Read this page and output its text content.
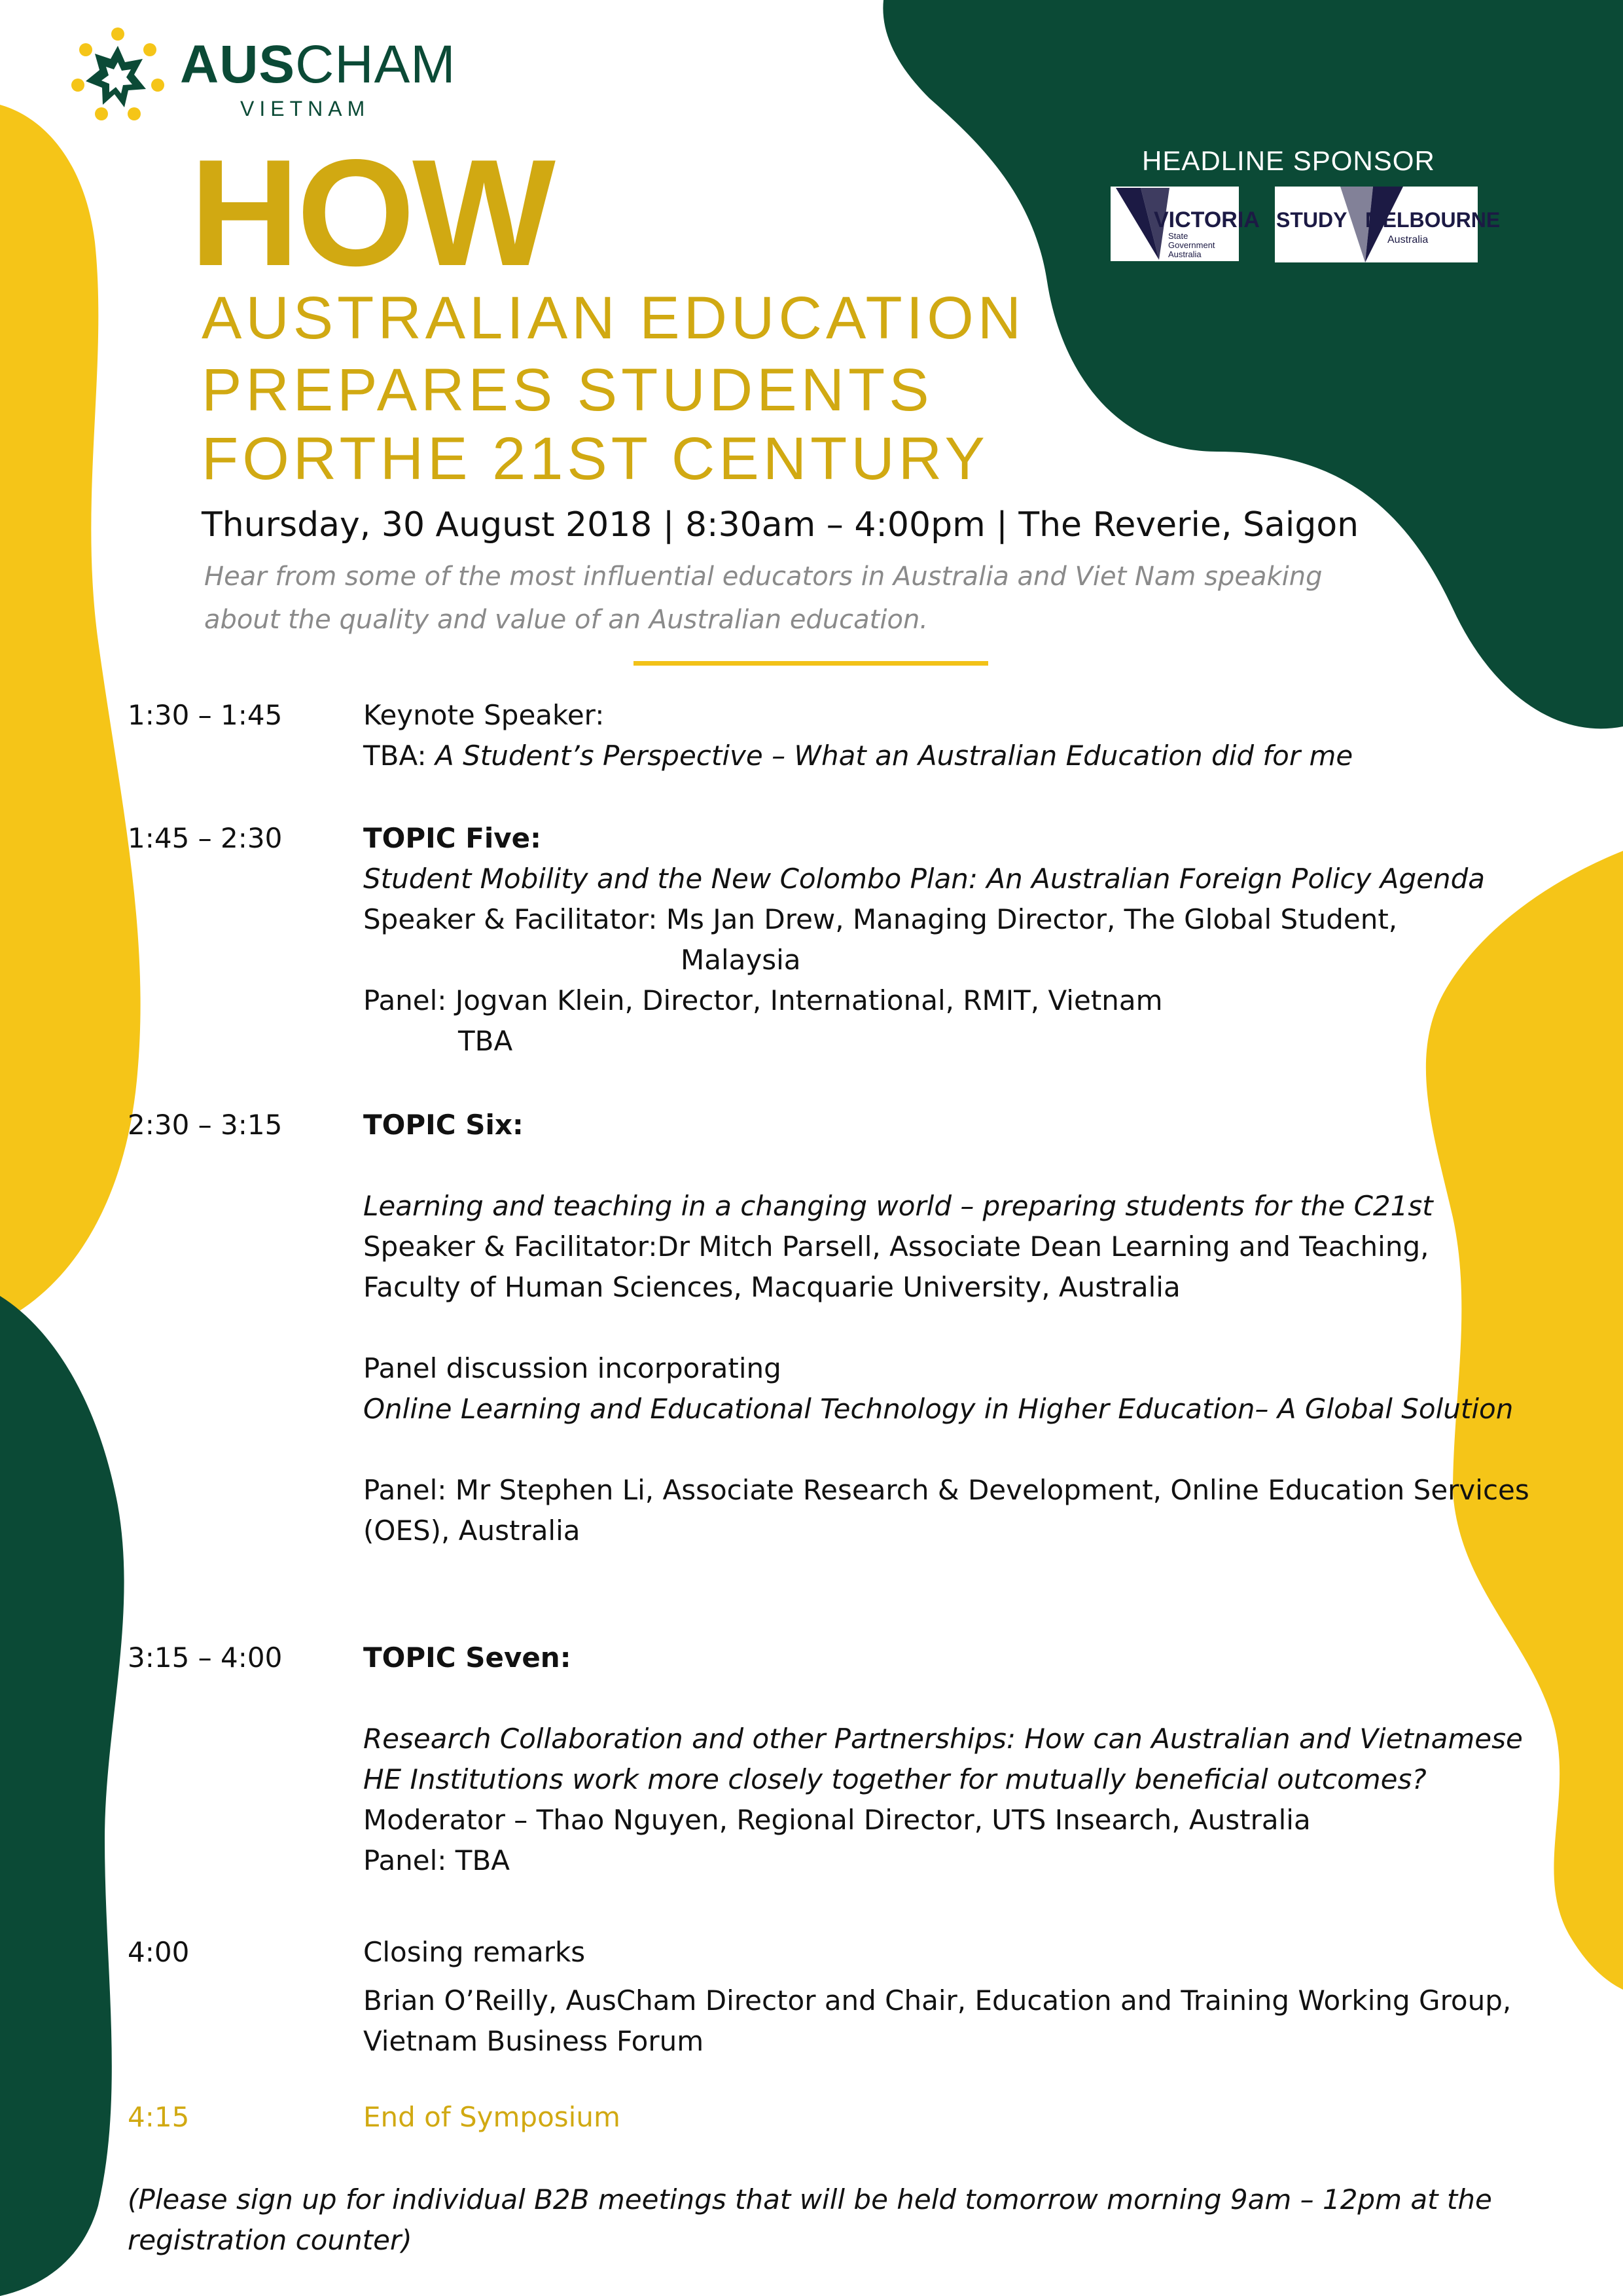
AUSCHAM
VIETNAM
HEADLINE SPONSOR
VICTORIA
State
Government
Australia
STUDY MELBOURNE
Australia
HOW
AUSTRALIAN EDUCATION
PREPARES STUDENTS
FORTHE 21ST CENTURY
Thursday, 30 August 2018 | 8:30am – 4:00pm | The Reverie, Saigon
Hear from some of the most influential educators in Australia and Viet Nam speaking about the quality and value of an Australian education.
1:30 – 1:45	Keynote Speaker:
TBA: A Student’s Perspective – What an Australian Education did for me
1:45 – 2:30	TOPIC Five:
Student Mobility and the New Colombo Plan: An Australian Foreign Policy Agenda
Speaker & Facilitator: Ms Jan Drew, Managing Director, The Global Student,
Malaysia
Panel: Jogvan Klein, Director, International, RMIT, Vietnam
TBA
2:30 – 3:15	TOPIC Six:
Learning and teaching in a changing world – preparing students for the C21st
Speaker & Facilitator:Dr Mitch Parsell, Associate Dean Learning and Teaching,
Faculty of Human Sciences, Macquarie University, Australia
Panel discussion incorporating
Online Learning and Educational Technology in Higher Education– A Global Solution
Panel: Mr Stephen Li, Associate Research & Development, Online Education Services
(OES), Australia
3:15 – 4:00	TOPIC Seven:
Research Collaboration and other Partnerships: How can Australian and Vietnamese
HE Institutions work more closely together for mutually beneficial outcomes?
Moderator – Thao Nguyen, Regional Director, UTS Insearch, Australia
Panel: TBA
4:00	Closing remarks
Brian O’Reilly, AusCham Director and Chair, Education and Training Working Group,
Vietnam Business Forum
4:15	End of Symposium
(Please sign up for individual B2B meetings that will be held tomorrow morning 9am – 12pm at the registration counter)
